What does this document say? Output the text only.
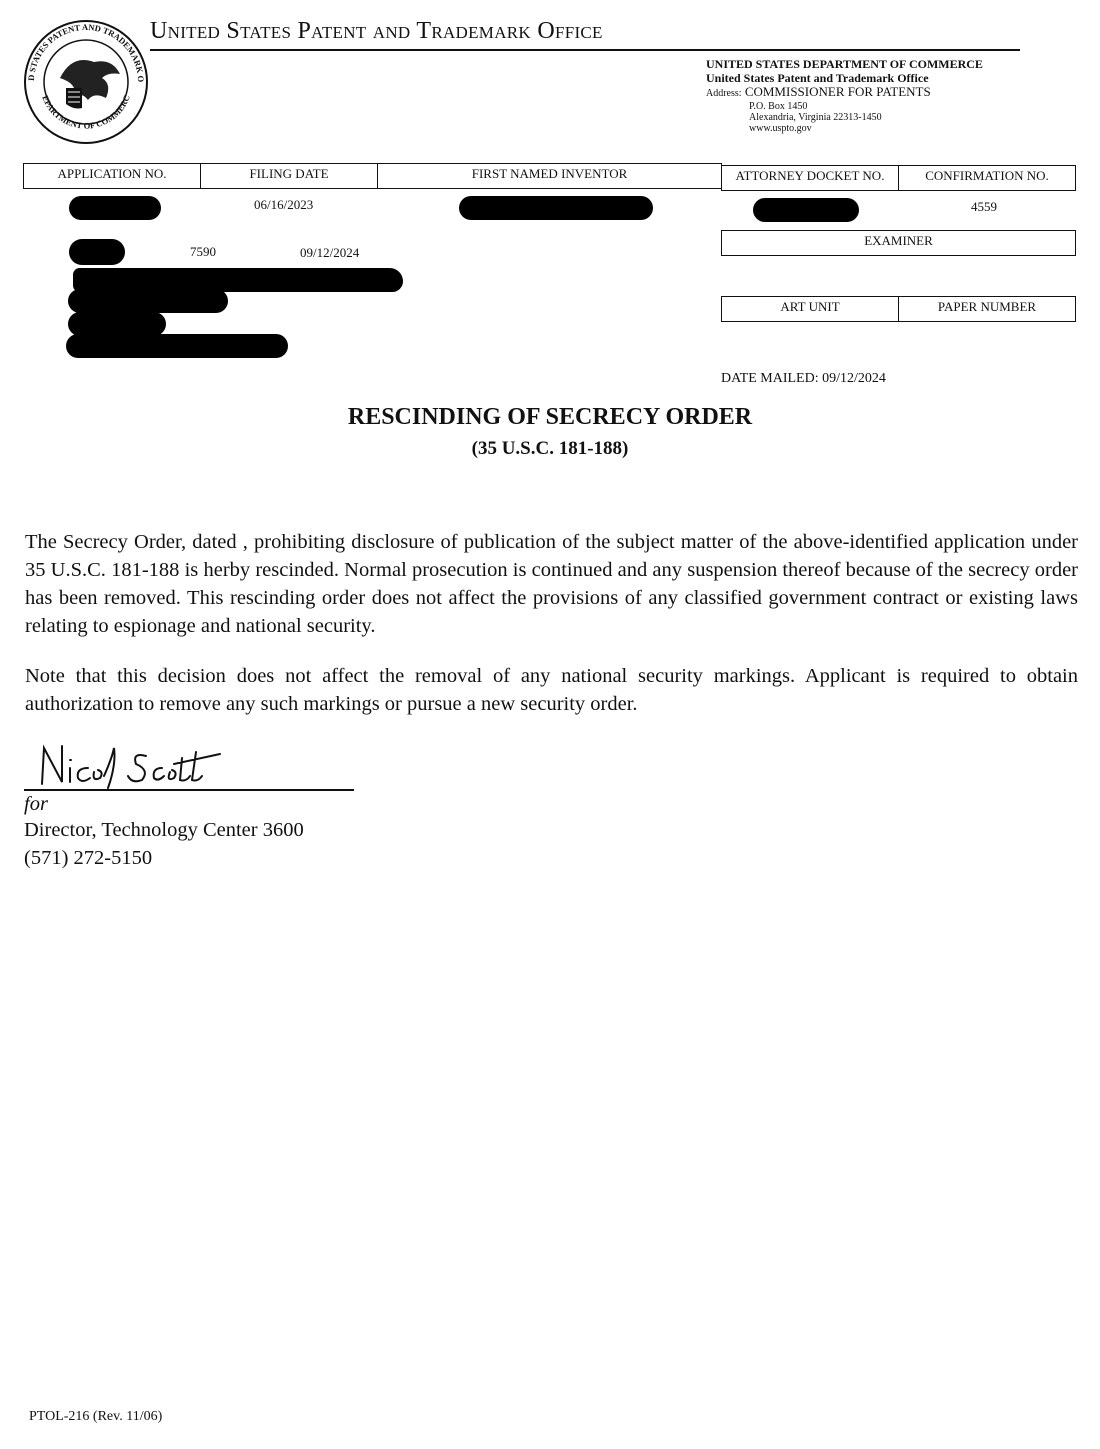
D STATES PATENT AND TRADEMARK O
EPARTMENT OF COMMERC
United States Patent and Trademark Office
UNITED STATES DEPARTMENT OF COMMERCE
United States Patent and Trademark Office
Address: COMMISSIONER FOR PATENTS
P.O. Box 1450
Alexandria, Virginia 22313-1450
www.uspto.gov
APPLICATION NO.	FILING DATE	FIRST NAMED INVENTOR	ATTORNEY DOCKET NO.	CONFIRMATION NO.
06/16/2023	4559
7590	09/12/2024
EXAMINER
ART UNIT	PAPER NUMBER
DATE MAILED: 09/12/2024
RESCINDING OF SECRECY ORDER
(35 U.S.C. 181-188)
The Secrecy Order, dated , prohibiting disclosure of publication of the subject matter of the above-identified application under 35 U.S.C. 181-188 is herby rescinded. Normal prosecution is continued and any suspension thereof because of the secrecy order has been removed. This rescinding order does not affect the provisions of any classified government contract or existing laws relating to espionage and national security.
Note that this decision does not affect the removal of any national security markings. Applicant is required to obtain authorization to remove any such markings or pursue a new security order.
for
Director, Technology Center 3600
(571) 272-5150
PTOL-216 (Rev. 11/06)
